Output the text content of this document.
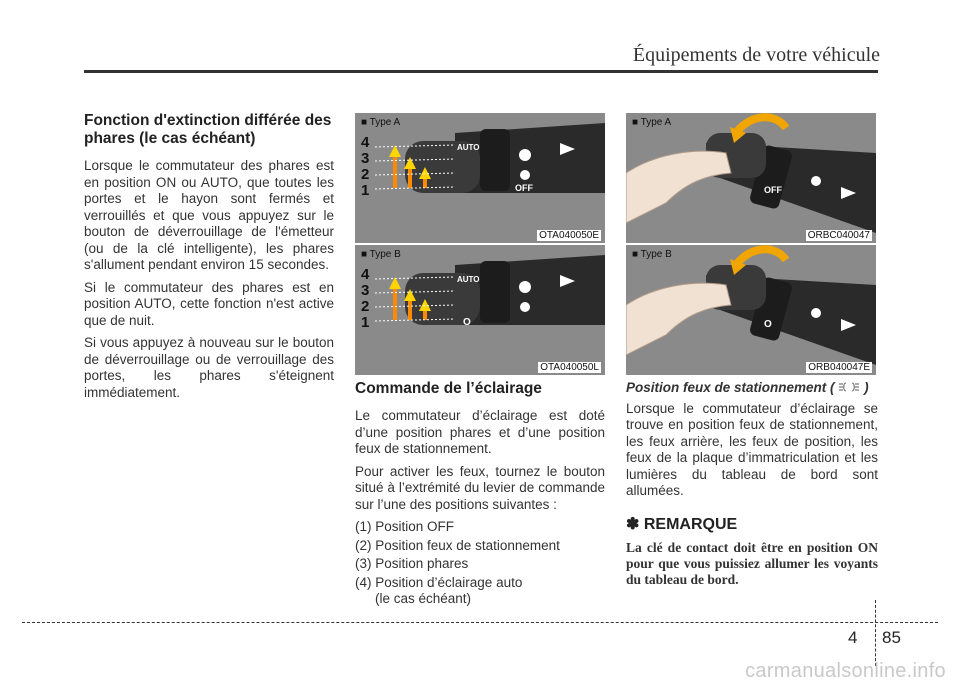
Équipements de votre véhicule
Fonction d'extinction différée des phares (le cas échéant)

Lorsque le commutateur des phares est en position ON ou AUTO, que toutes les portes et le hayon sont fermés et verrouillés et que vous appuyez sur le bouton de déverrouillage de l'émetteur (ou de la clé intelligente), les phares s'allument pendant environ 15 secondes.

Si le commutateur des phares est en position AUTO, cette fonction n'est active que de nuit.

Si vous appuyez à nouveau sur le bouton de déverrouillage ou de verrouillage des portes, les phares s'éteignent immédiatement.

■ Type A
4
3
2
1
AUTO
OFF
OTA040050E
■ Type B
4
3
2
1
AUTO
O
OTA040050L
■ Type A
OFF
ORBC040047
■ Type B
O
ORB040047E
Commande de l’éclairage

Le commutateur d’éclairage est doté d’une position phares et d’une position feux de stationnement.

Pour activer les feux, tournez le bouton situé à l’extrémité du levier de commande sur l’une des positions suivantes :

(1) Position OFF
(2) Position feux de stationnement
(3) Position phares
(4) Position d’éclairage auto
(le cas échéant)

Position feux de stationnement ( )

Lorsque le commutateur d’éclairage se trouve en position feux de stationnement, les feux arrière, les feux de position, les feux de la plaque d’immatriculation et les lumières du tableau de bord sont allumées.

✽ REMARQUE
La clé de contact doit être en position ON pour que vous puissiez allumer les voyants du tableau de bord.
4 85
carmanualsonline.info
